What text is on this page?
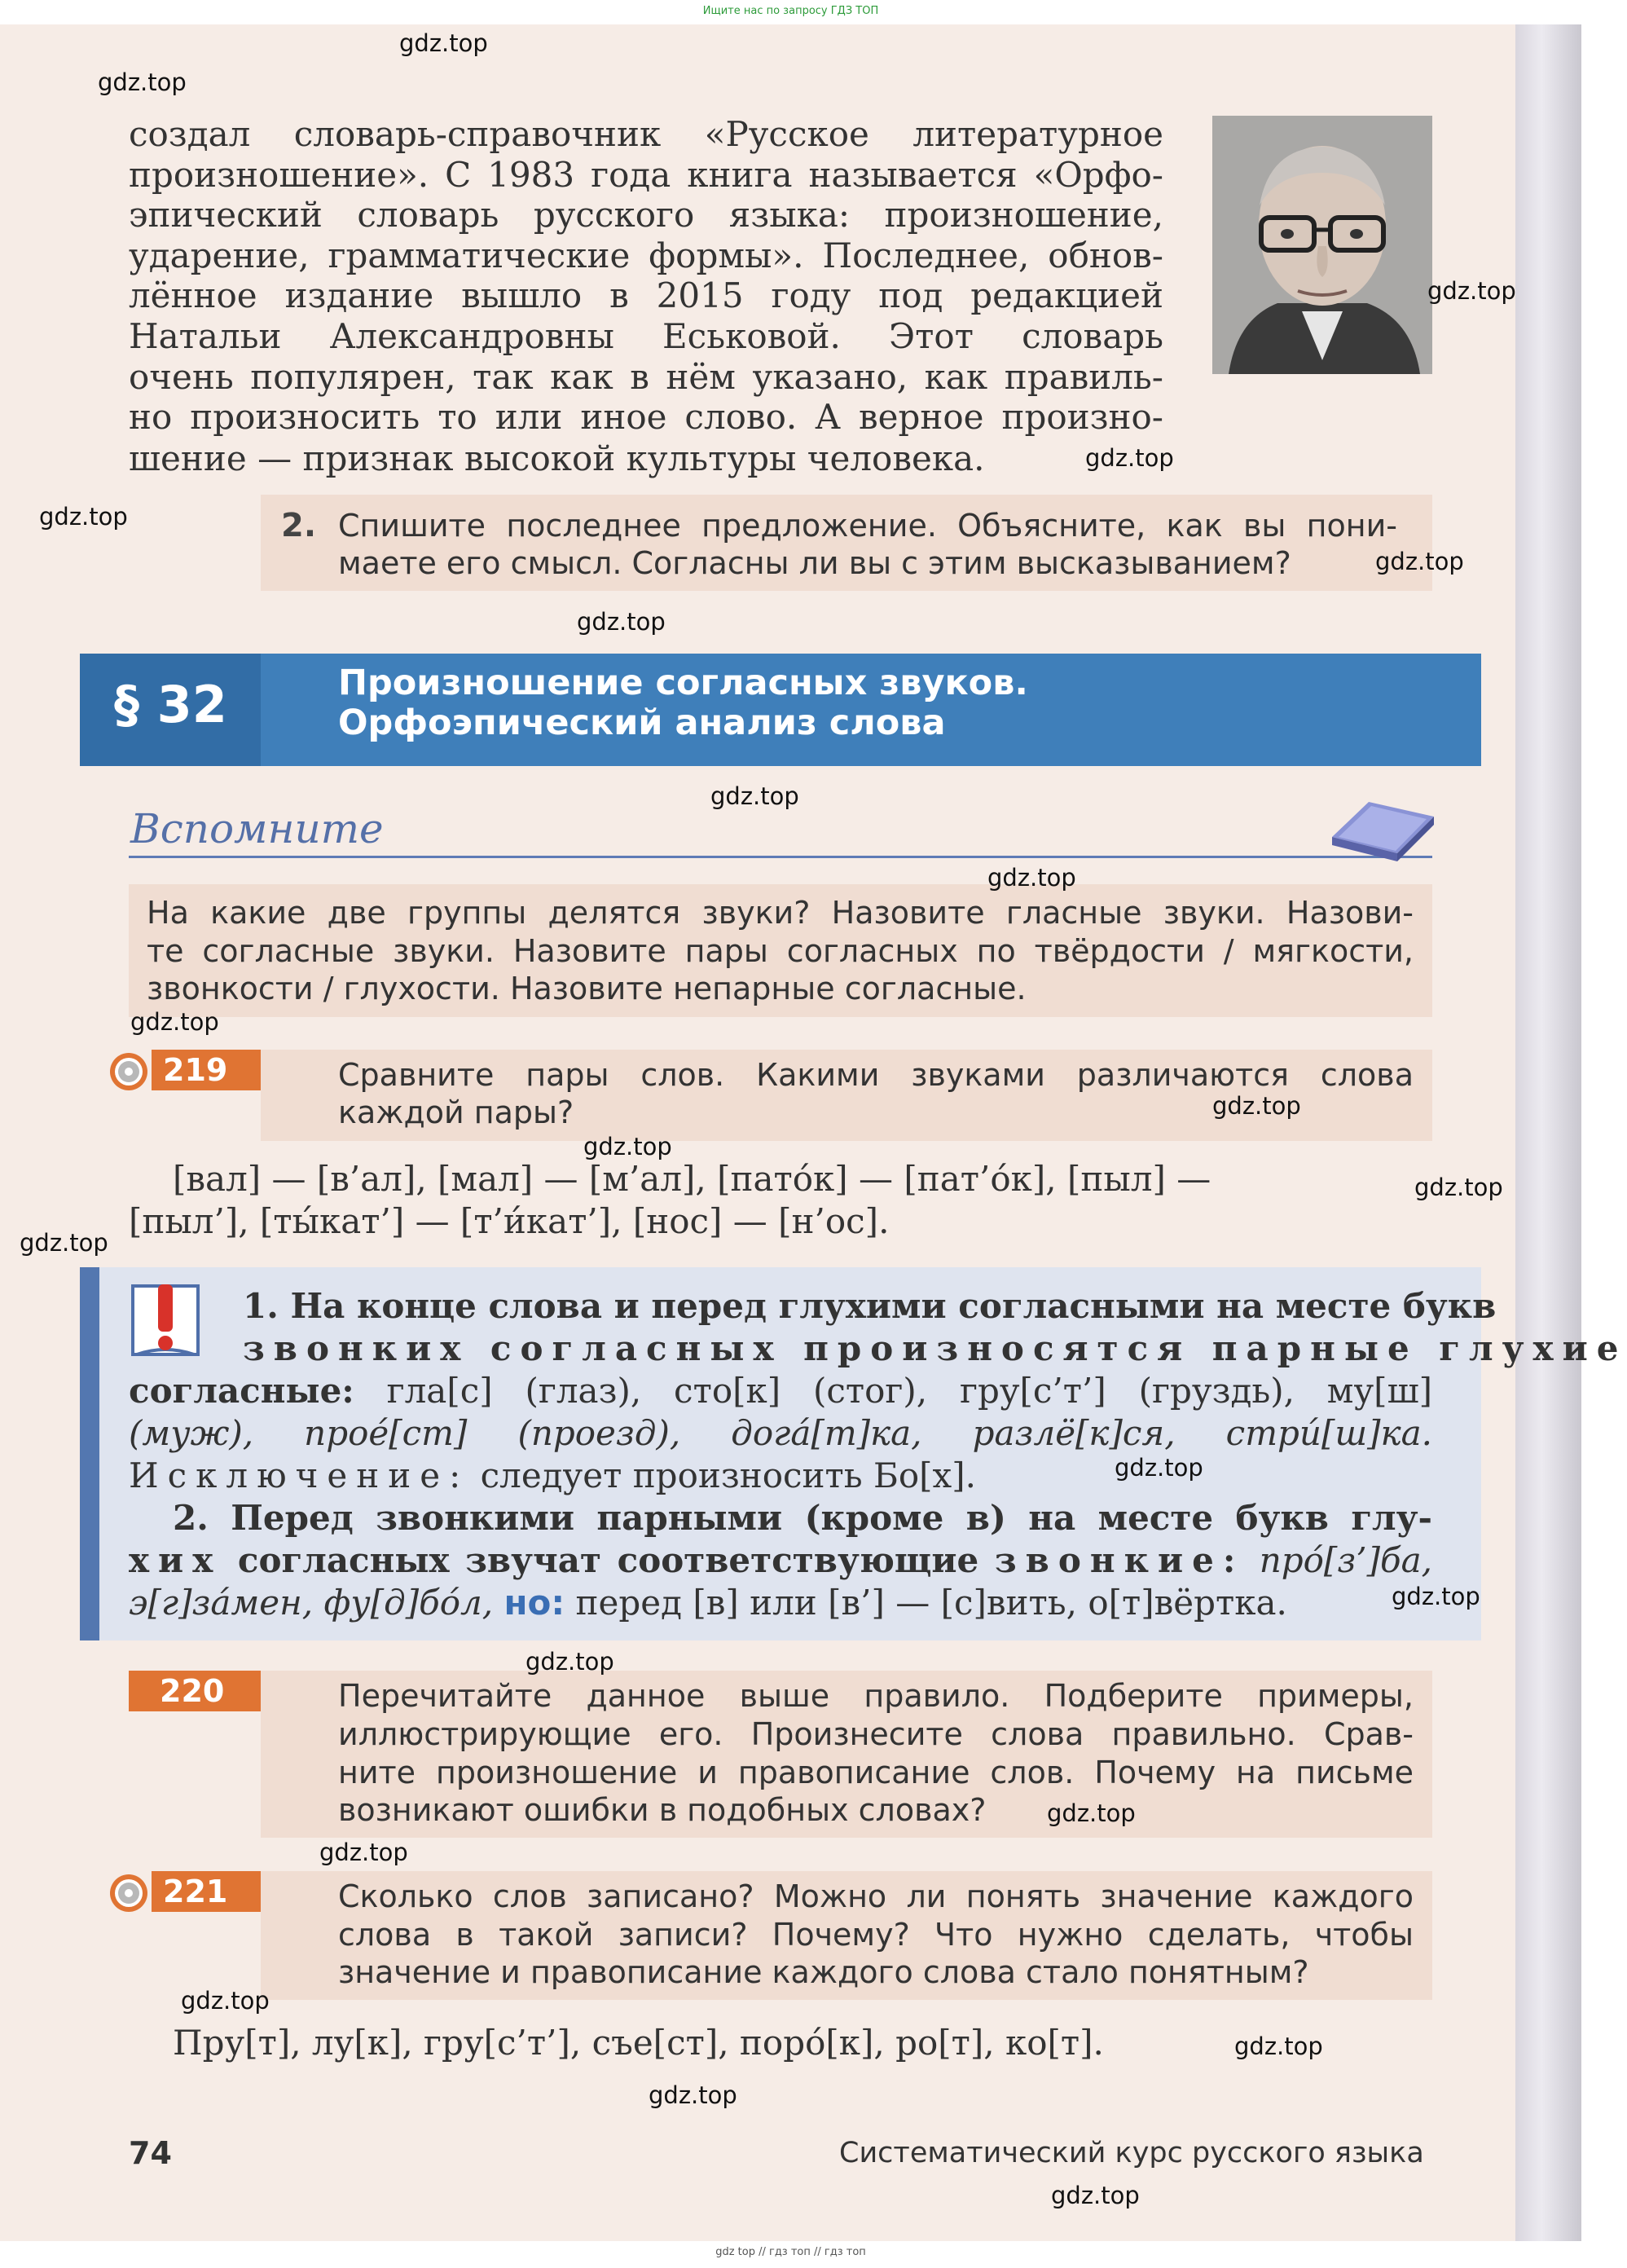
Ищите нас по запросу ГДЗ ТОП
создал словарь-справочник «Русское литературное
произношение». С 1983 года книга называется «Орфо-
эпический словарь русского языка: произношение,
ударение, грамматические формы». Последнее, обнов-
лённое издание вышло в 2015 году под редакцией
Натальи Александровны Еськовой. Этот словарь
очень популярен, так как в нём указано, как правиль-
но произносить то или иное слово. А верное произно-
шение — признак высокой культуры человека.
2. Спишите последнее предложение. Объясните, как вы пони-
маете его смысл. Согласны ли вы с этим высказыванием?
§ 32	Произношение согласных звуков.
Орфоэпический анализ слова
Вспомните
На какие две группы делятся звуки? Назовите гласные звуки. Назови-
те согласные звуки. Назовите пары согласных по твёрдости / мягкости,
звонкости / глухости. Назовите непарные согласные.
219	Сравните пары слов. Какими звуками различаются слова
каждой пары?
[вал] — [в’ал], [мал] — [м’ал], [пато́к] — [пат’о́к], [пыл] —
[пыл’], [ты́кат’] — [т’и́кат’], [нос] — [н’ос].
1. На конце слова и перед глухими согласными на месте букв
звонких согласных произносятся парные глухие
согласные: гла[с] (глаз), сто[к] (стог), гру[с’т’] (груздь), му[ш]
(муж), прое́[ст] (проезд), дога́[т]ка, разлё[к]ся, стри́[ш]ка.
Исключение: следует произносить Бо[х].
2. Перед звонкими парными (кроме в) на месте букв глу-
хих согласных звучат соответствующие звонкие: про́[з’]ба,
э[г]за́мен, фу[д]бо́л, но: перед [в] или [в’] — [с]вить, о[т]вёртка.
220	Перечитайте данное выше правило. Подберите примеры,
иллюстрирующие его. Произнесите слова правильно. Срав-
ните произношение и правописание слов. Почему на письме
возникают ошибки в подобных словах?
221	Сколько слов записано? Можно ли понять значение каждого
слова в такой записи? Почему? Что нужно сделать, чтобы
значение и правописание каждого слова стало понятным?
Пру[т], лу[к], гру[с’т’], съе[ст], поро́[к], ро[т], ко[т].
74	Систематический курс русского языка
gdz.top
gdz.top
gdz.top
gdz.top
gdz.top
gdz.top
gdz.top
gdz.top
gdz.top
gdz.top
gdz.top
gdz.top
gdz.top
gdz.top
gdz.top
gdz.top
gdz.top
gdz.top
gdz.top
gdz.top
gdz.top
gdz.top
gdz.top
gdz top // гдз топ // гдз топ
